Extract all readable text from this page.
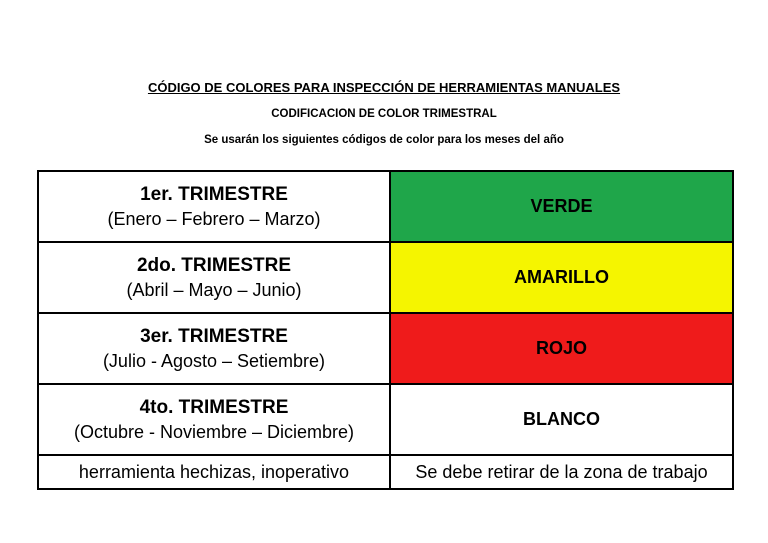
CÓDIGO DE COLORES PARA INSPECCIÓN DE HERRAMIENTAS MANUALES
CODIFICACION DE COLOR TRIMESTRAL
Se usarán los siguientes códigos de color para los meses del año
1er. TRIMESTRE
(Enero – Febrero – Marzo)	VERDE

2do. TRIMESTRE
(Abril – Mayo – Junio)	AMARILLO

3er. TRIMESTRE
(Julio - Agosto – Setiembre)	ROJO

4to. TRIMESTRE
(Octubre - Noviembre – Diciembre)	BLANCO
herramienta hechizas, inoperativo	Se debe retirar de la zona de trabajo
